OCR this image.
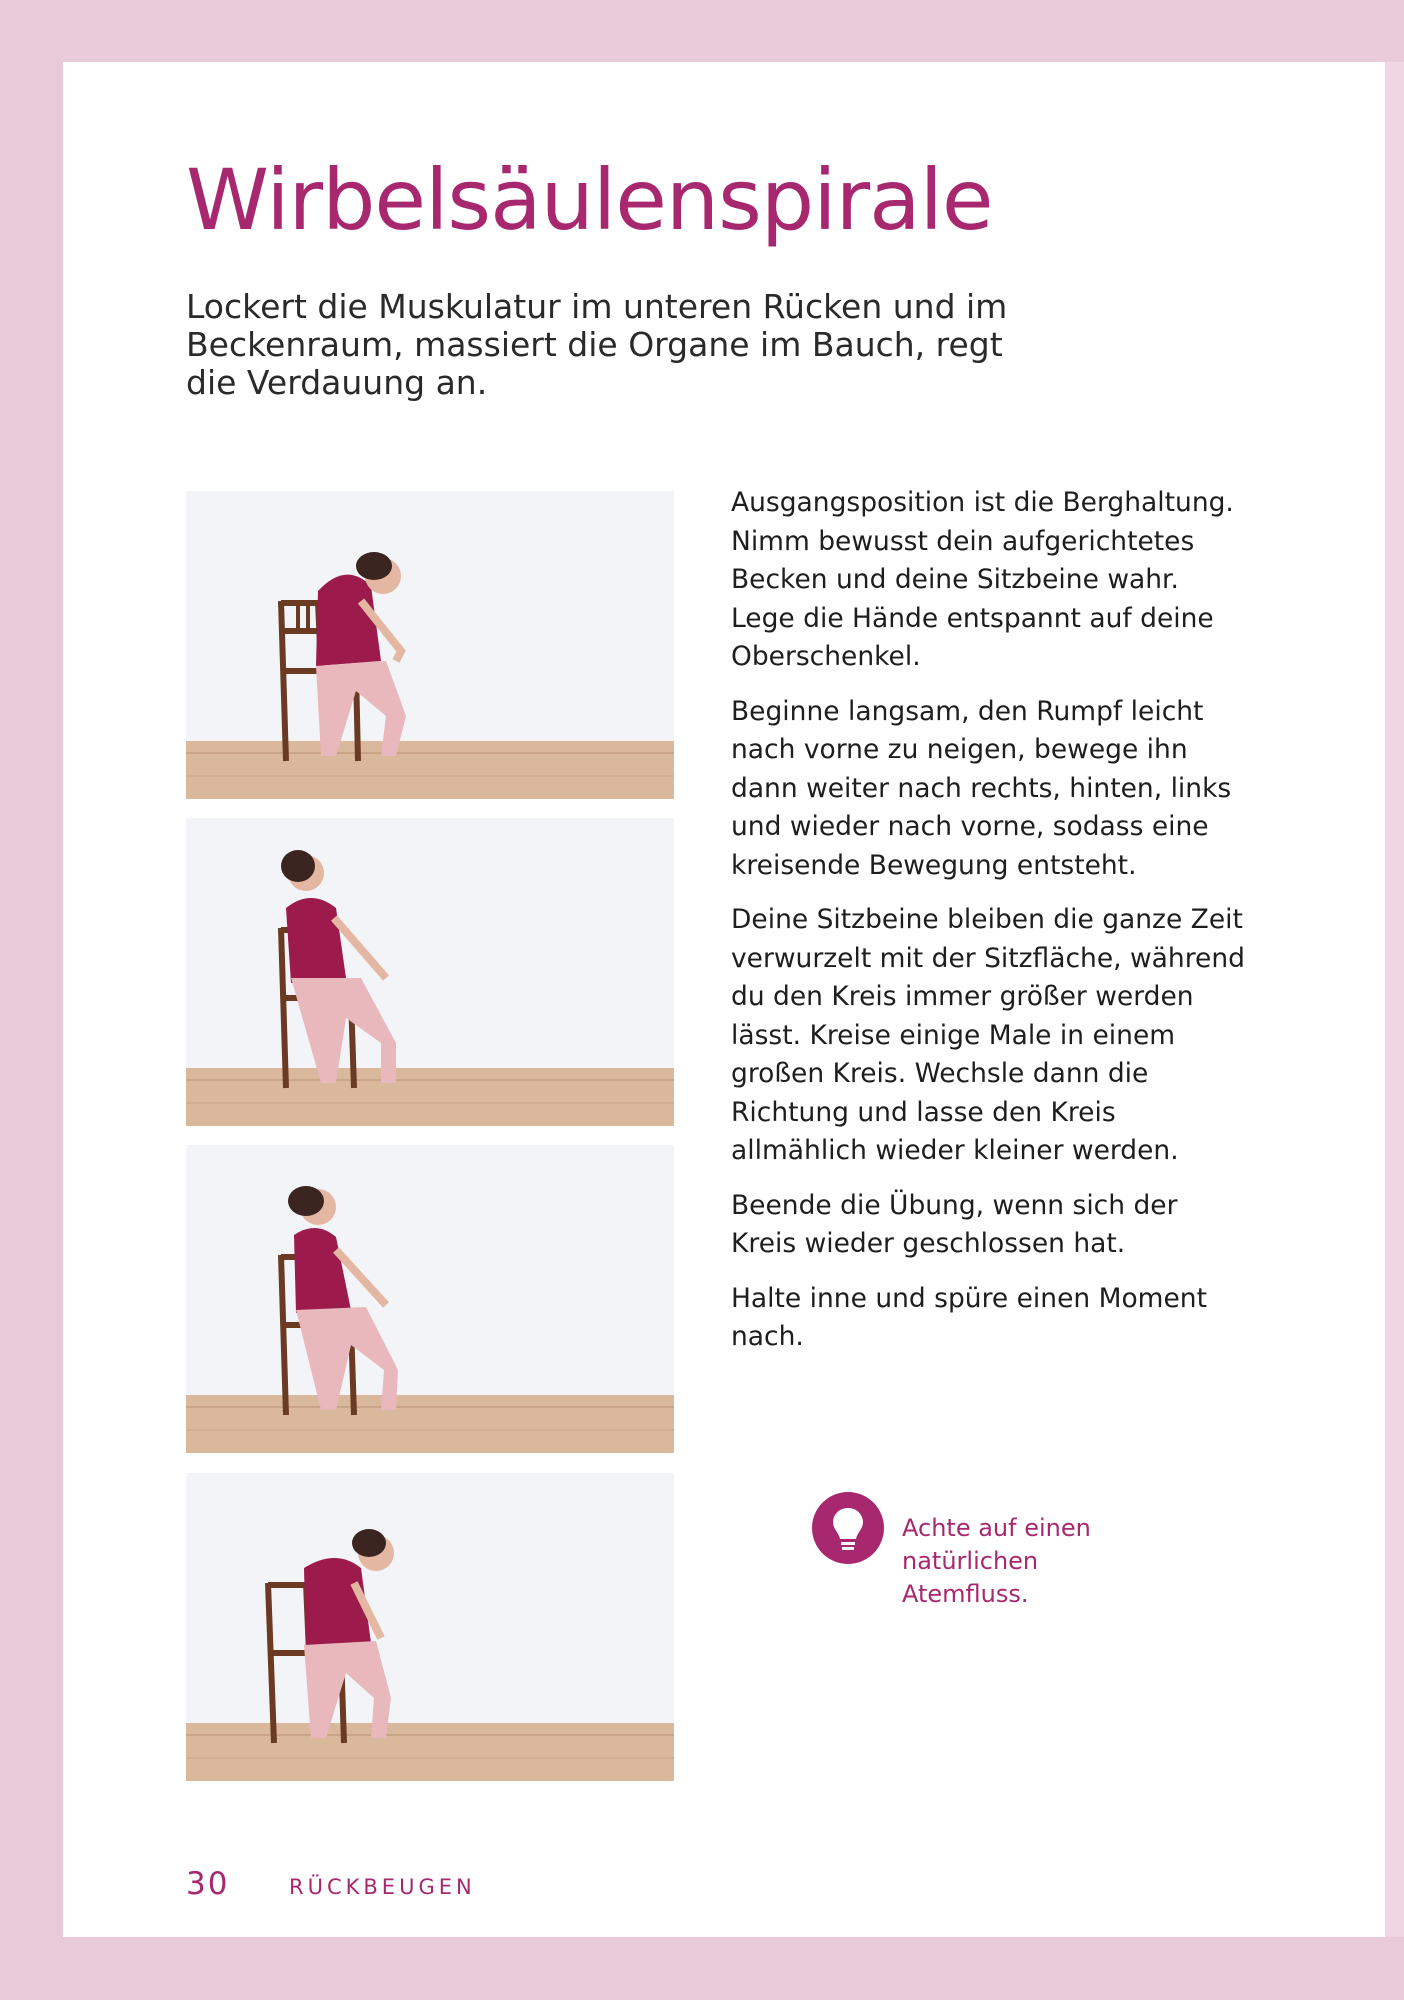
Wirbelsäulenspirale
Lockert die Muskulatur im unteren Rücken und im Beckenraum, massiert die Organe im Bauch, regt die Verdauung an.

Ausgangsposition ist die Berghaltung. Nimm bewusst dein aufgerichtetes Becken und deine Sitzbeine wahr. Lege die Hände entspannt auf deine Oberschenkel.

Beginne langsam, den Rumpf leicht nach vorne zu neigen, bewege ihn dann weiter nach rechts, hinten, links und wieder nach vorne, sodass eine kreisende Bewegung entsteht.

Deine Sitzbeine bleiben die ganze Zeit verwurzelt mit der Sitzfläche, während du den Kreis immer größer werden lässt. Kreise einige Male in einem großen Kreis. Wechsle dann die Richtung und lasse den Kreis allmählich wieder kleiner werden.

Beende die Übung, wenn sich der Kreis wieder geschlossen hat.

Halte inne und spüre einen Moment nach.

Achte auf einen natürlichen Atemfluss.
30	RÜCKBEUGEN
